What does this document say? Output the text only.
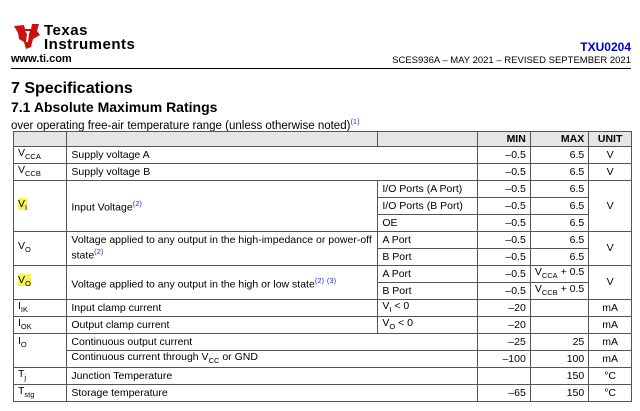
Texas
Instruments
www.ti.com
TXU0204
SCES936A – MAY 2021 – REVISED SEPTEMBER 2021
7 Specifications
7.1 Absolute Maximum Ratings
over operating free-air temperature range (unless otherwise noted)$^{(1)}$
			MIN	MAX	UNIT
$V_{CCA}$	Supply voltage A		–0.5	6.5	V
$V_{CCB}$	Supply voltage B		–0.5	6.5	V
$V_I$	Input Voltage$^{(2)}$	I/O Ports (A Port)	–0.5	6.5	V
		I/O Ports (B Port)	–0.5	6.5	
		OE	–0.5	6.5	
$V_O$	Voltage applied to any output in the high-impedance or power-off state$^{(2)}$	A Port	–0.5	6.5	V
		B Port	–0.5	6.5	
$V_O$	Voltage applied to any output in the high or low state$^{(2)}$ $^{(3)}$	A Port	–0.5	$V_{CCA} + 0.5$	V
		B Port	–0.5	$V_{CCB} + 0.5$	
$I_{IK}$	Input clamp current	$V_I < 0$	–20		mA
$I_{OK}$	Output clamp current	$V_O < 0$	–20		mA
$I_O$	Continuous output current		–25	25	mA
	Continuous current through $V_{CC}$ or GND		–100	100	mA
$T_j$	Junction Temperature			150	°C
$T_{stg}$	Storage temperature		–65	150	°C
